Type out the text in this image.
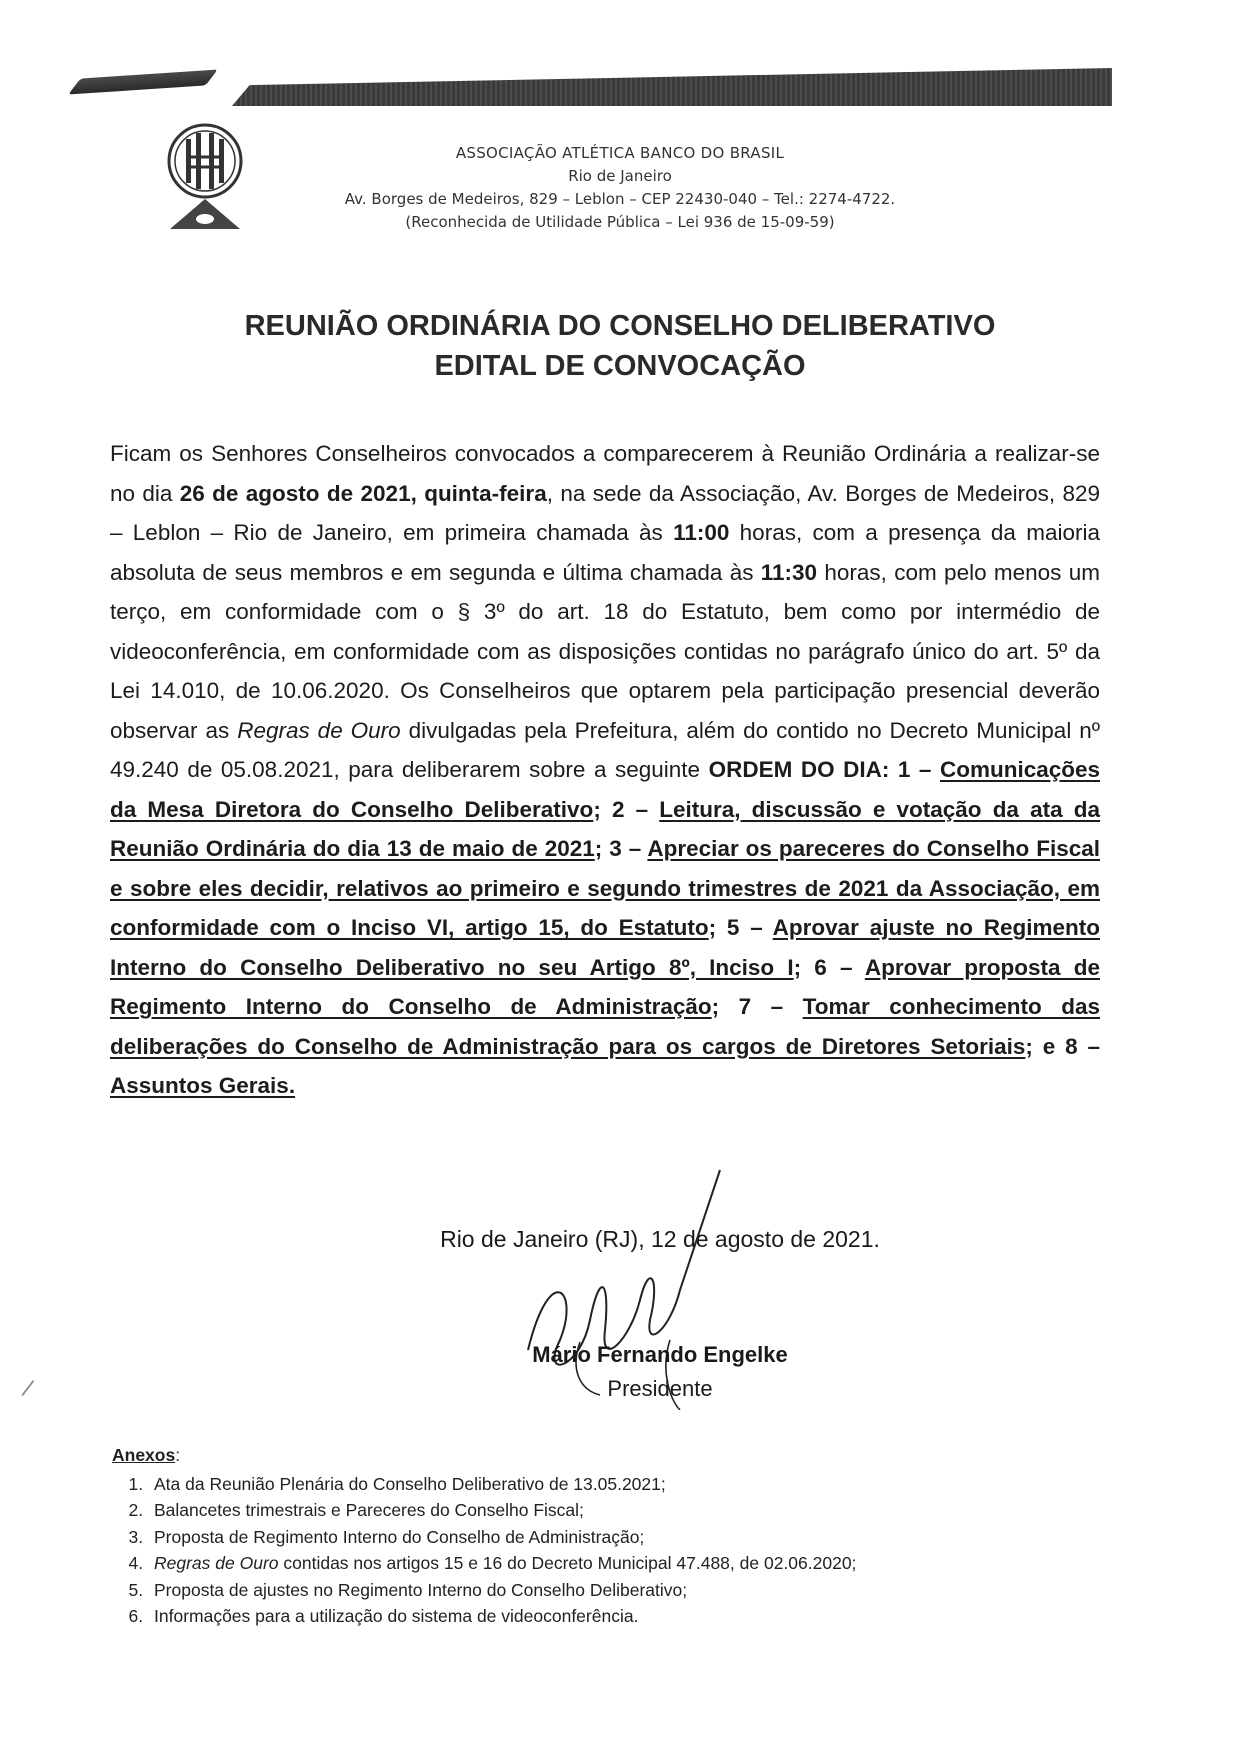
ASSOCIAÇÃO ATLÉTICA BANCO DO BRASIL
Rio de Janeiro
Av. Borges de Medeiros, 829 – Leblon – CEP 22430-040 – Tel.: 2274-4722.
(Reconhecida de Utilidade Pública – Lei 936 de 15-09-59)
REUNIÃO ORDINÁRIA DO CONSELHO DELIBERATIVO
EDITAL DE CONVOCAÇÃO
Ficam os Senhores Conselheiros convocados a comparecerem à Reunião Ordinária a realizar-se no dia 26 de agosto de 2021, quinta-feira, na sede da Associação, Av. Borges de Medeiros, 829 – Leblon – Rio de Janeiro, em primeira chamada às 11:00 horas, com a presença da maioria absoluta de seus membros e em segunda e última chamada às 11:30 horas, com pelo menos um terço, em conformidade com o § 3º do art. 18 do Estatuto, bem como por intermédio de videoconferência, em conformidade com as disposições contidas no parágrafo único do art. 5º da Lei 14.010, de 10.06.2020. Os Conselheiros que optarem pela participação presencial deverão observar as Regras de Ouro divulgadas pela Prefeitura, além do contido no Decreto Municipal nº 49.240 de 05.08.2021, para deliberarem sobre a seguinte ORDEM DO DIA: 1 – Comunicações da Mesa Diretora do Conselho Deliberativo; 2 – Leitura, discussão e votação da ata da Reunião Ordinária do dia 13 de maio de 2021; 3 – Apreciar os pareceres do Conselho Fiscal e sobre eles decidir, relativos ao primeiro e segundo trimestres de 2021 da Associação, em conformidade com o Inciso VI, artigo 15, do Estatuto; 5 – Aprovar ajuste no Regimento Interno do Conselho Deliberativo no seu Artigo 8º, Inciso I; 6 – Aprovar proposta de Regimento Interno do Conselho de Administração; 7 – Tomar conhecimento das deliberações do Conselho de Administração para os cargos de Diretores Setoriais; e 8 – Assuntos Gerais.
Rio de Janeiro (RJ), 12 de agosto de 2021.
Mário Fernando Engelke
Presidente
Anexos:
1. Ata da Reunião Plenária do Conselho Deliberativo de 13.05.2021;
2. Balancetes trimestrais e Pareceres do Conselho Fiscal;
3. Proposta de Regimento Interno do Conselho de Administração;
4. Regras de Ouro contidas nos artigos 15 e 16 do Decreto Municipal 47.488, de 02.06.2020;
5. Proposta de ajustes no Regimento Interno do Conselho Deliberativo;
6. Informações para a utilização do sistema de videoconferência.
/
